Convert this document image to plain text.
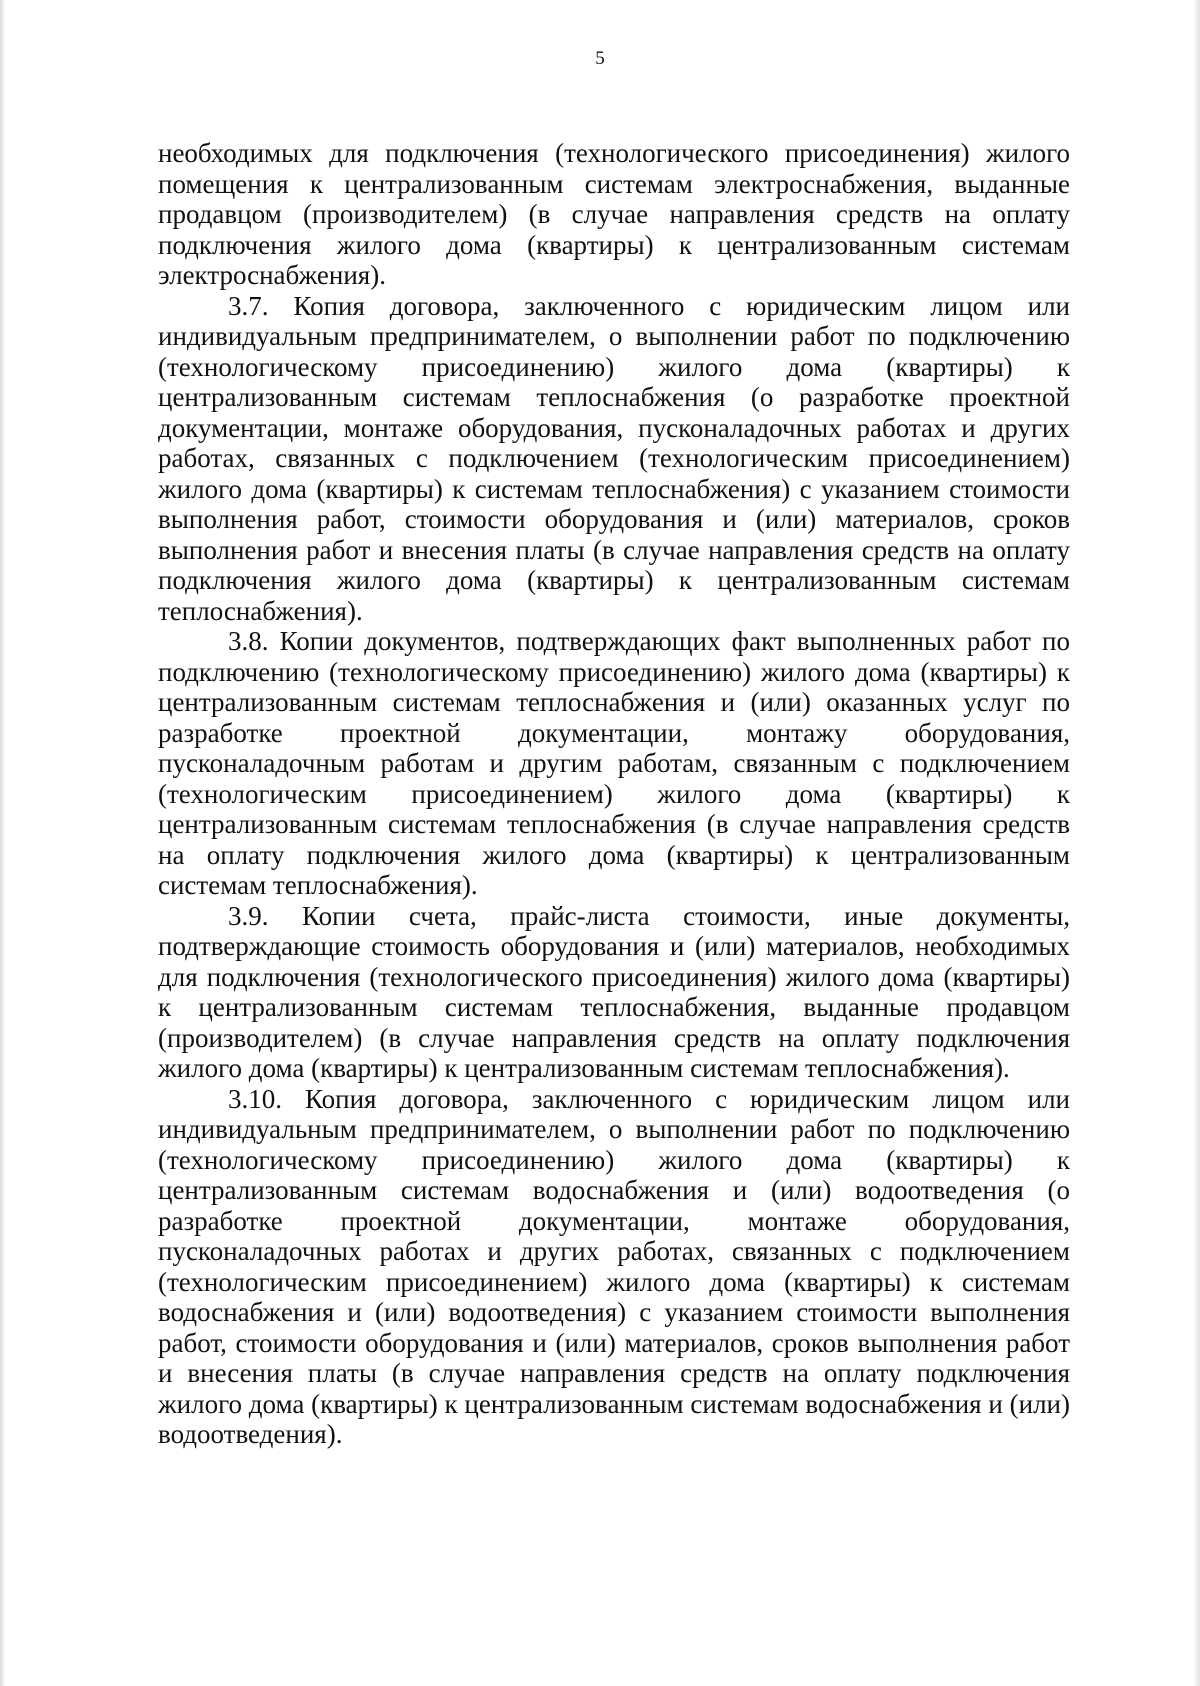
5

необходимых для подключения (технологического присоединения) жилого помещения к централизованным системам электроснабжения, выданные продавцом (производителем) (в случае направления средств на оплату подключения жилого дома (квартиры) к централизованным системам электроснабжения).

3.7. Копия договора, заключенного с юридическим лицом или индивидуальным предпринимателем, о выполнении работ по подключению (технологическому присоединению) жилого дома (квартиры) к централизованным системам теплоснабжения (о разработке проектной документации, монтаже оборудования, пусконаладочных работах и других работах, связанных с подключением (технологическим присоединением) жилого дома (квартиры) к системам теплоснабжения) с указанием стоимости выполнения работ, стоимости оборудования и (или) материалов, сроков выполнения работ и внесения платы (в случае направления средств на оплату подключения жилого дома (квартиры) к централизованным системам теплоснабжения).

3.8. Копии документов, подтверждающих факт выполненных работ по подключению (технологическому присоединению) жилого дома (квартиры) к централизованным системам теплоснабжения и (или) оказанных услуг по разработке проектной документации, монтажу оборудования, пусконаладочным работам и другим работам, связанным с подключением (технологическим присоединением) жилого дома (квартиры) к централизованным системам теплоснабжения (в случае направления средств на оплату подключения жилого дома (квартиры) к централизованным системам теплоснабжения).

3.9. Копии счета, прайс-листа стоимости, иные документы, подтверждающие стоимость оборудования и (или) материалов, необходимых для подключения (технологического присоединения) жилого дома (квартиры) к централизованным системам теплоснабжения, выданные продавцом (производителем) (в случае направления средств на оплату подключения жилого дома (квартиры) к централизованным системам теплоснабжения).

3.10. Копия договора, заключенного с юридическим лицом или индивидуальным предпринимателем, о выполнении работ по подключению (технологическому присоединению) жилого дома (квартиры) к централизованным системам водоснабжения и (или) водоотведения (о разработке проектной документации, монтаже оборудования, пусконаладочных работах и других работах, связанных с подключением (технологическим присоединением) жилого дома (квартиры) к системам водоснабжения и (или) водоотведения) с указанием стоимости выполнения работ, стоимости оборудования и (или) материалов, сроков выполнения работ и внесения платы (в случае направления средств на оплату подключения жилого дома (квартиры) к централизованным системам водоснабжения и (или) водоотведения).
